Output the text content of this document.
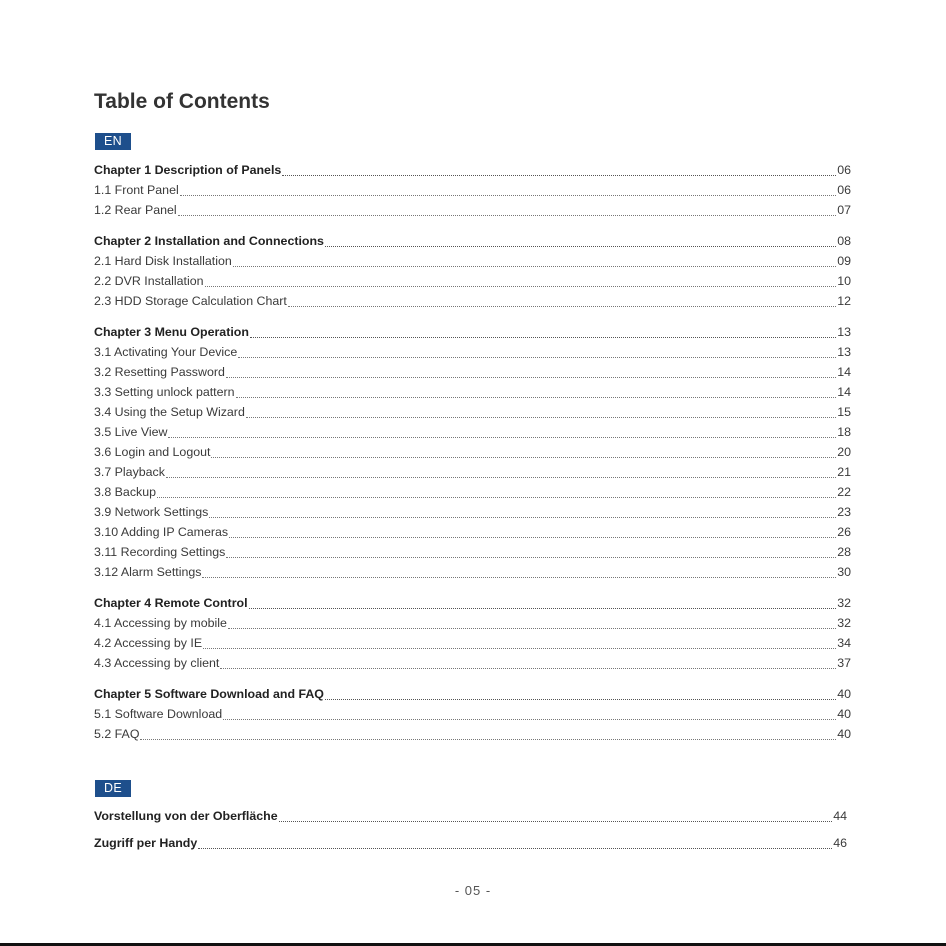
Table of Contents
EN
Chapter 1 Description of Panels	06
1.1 Front Panel	06
1.2 Rear Panel	07
Chapter 2 Installation and Connections	08
2.1 Hard Disk Installation	09
2.2 DVR Installation	10
2.3 HDD Storage Calculation Chart	12
Chapter 3 Menu Operation	13
3.1 Activating Your Device	13
3.2 Resetting Password	14
3.3 Setting unlock pattern	14
3.4 Using the Setup Wizard	15
3.5 Live View	18
3.6 Login and Logout	20
3.7 Playback	21
3.8 Backup	22
3.9 Network Settings	23
3.10 Adding IP Cameras	26
3.11 Recording Settings	28
3.12 Alarm Settings	30
Chapter 4 Remote Control	32
4.1 Accessing by mobile	32
4.2 Accessing by IE	34
4.3 Accessing by client	37
Chapter 5 Software Download and FAQ	40
5.1 Software Download	40
5.2 FAQ	40
DE
Vorstellung von der Oberfläche	44
Zugriff per Handy	46
- 05 -
